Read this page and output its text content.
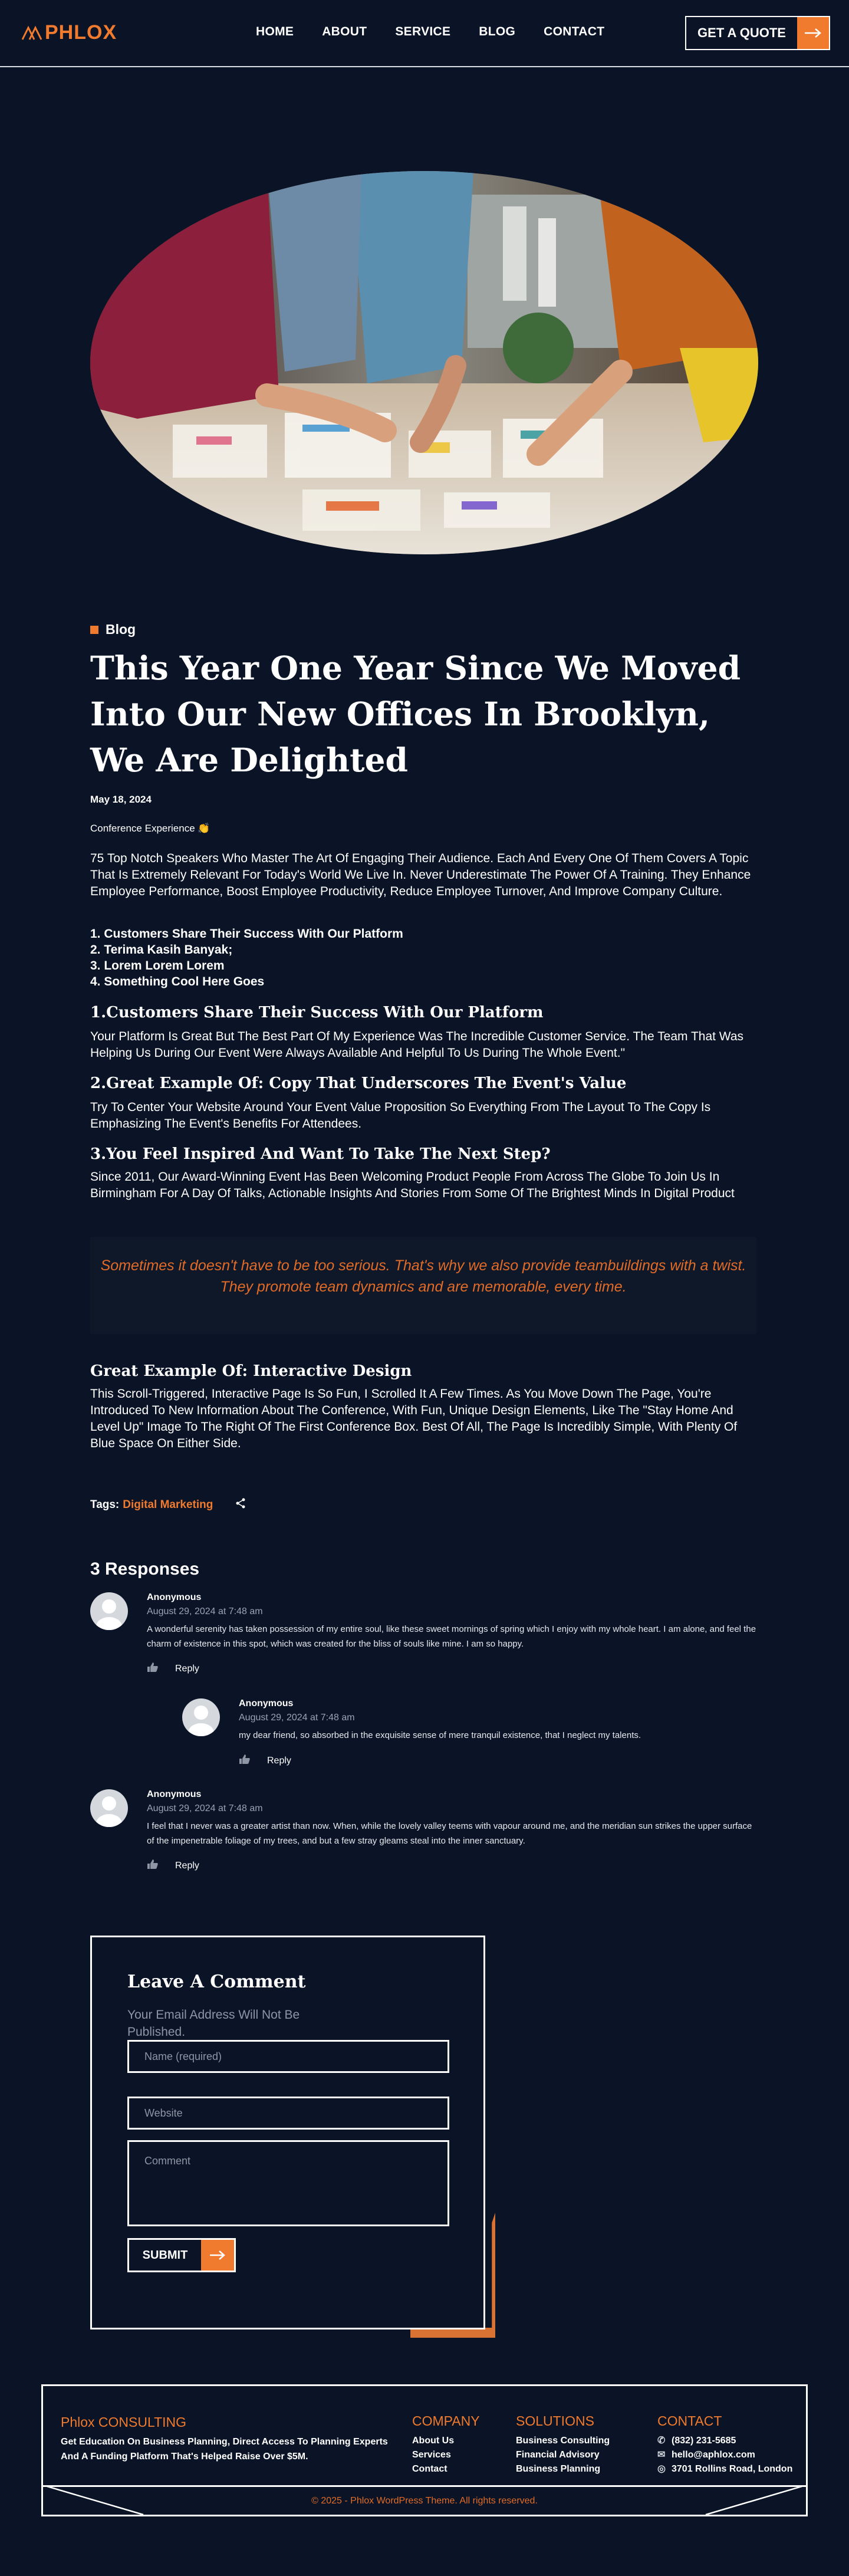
PHLOX	HOME ABOUT SERVICE BLOG CONTACT	GET A QUOTE
Blog
This Year One Year Since We Moved Into Our New Offices In Brooklyn, We Are Delighted
May 18, 2024
Conference Experience 👏

75 Top Notch Speakers Who Master The Art Of Engaging Their Audience. Each And Every One Of Them Covers A Topic That Is Extremely Relevant For Today's World We Live In. Never Underestimate The Power Of A Training. They Enhance Employee Performance, Boost Employee Productivity, Reduce Employee Turnover, And Improve Company Culture.

1. Customers Share Their Success With Our Platform
2. Terima Kasih Banyak;
3. Lorem Lorem Lorem
4. Something Cool Here Goes
1.Customers Share Their Success With Our Platform

Your Platform Is Great But The Best Part Of My Experience Was The Incredible Customer Service. The Team That Was Helping Us During Our Event Were Always Available And Helpful To Us During The Whole Event."

2.Great Example Of: Copy That Underscores The Event's Value

Try To Center Your Website Around Your Event Value Proposition So Everything From The Layout To The Copy Is Emphasizing The Event's Benefits For Attendees.

3.You Feel Inspired And Want To Take The Next Step?

Since 2011, Our Award-Winning Event Has Been Welcoming Product People From Across The Globe To Join Us In Birmingham For A Day Of Talks, Actionable Insights And Stories From Some Of The Brightest Minds In Digital Product

Sometimes it doesn't have to be too serious. That's why we also provide teambuildings with a twist. They promote team dynamics and are memorable, every time.

Great Example Of: Interactive Design

This Scroll-Triggered, Interactive Page Is So Fun, I Scrolled It A Few Times. As You Move Down The Page, You're Introduced To New Information About The Conference, With Fun, Unique Design Elements, Like The "Stay Home And Level Up" Image To The Right Of The First Conference Box. Best Of All, The Page Is Incredibly Simple, With Plenty Of Blue Space On Either Side.

Tags: Digital Marketing
3 Responses
Anonymous
August 29, 2024 at 7:48 am
A wonderful serenity has taken possession of my entire soul, like these sweet mornings of spring which I enjoy with my whole heart. I am alone, and feel the charm of existence in this spot, which was created for the bliss of souls like mine. I am so happy.
Reply
Anonymous
August 29, 2024 at 7:48 am
my dear friend, so absorbed in the exquisite sense of mere tranquil existence, that I neglect my talents.
Reply
Anonymous
August 29, 2024 at 7:48 am
I feel that I never was a greater artist than now. When, while the lovely valley teems with vapour around me, and the meridian sun strikes the upper surface of the impenetrable foliage of my trees, and but a few stray gleams steal into the inner sanctuary.
Reply
Leave A Comment

Your Email Address Will Not Be Published.

Name (required)
Website
Comment
SUBMIT
Phlox CONSULTING
Get Education On Business Planning, Direct Access To Planning Experts And A Funding Platform That's Helped Raise Over $5M.
COMPANY
About Us
Services
Contact
SOLUTIONS
Business Consulting
Financial Advisory
Business Planning
CONTACT
✆ (832) 231-5685
✉ hello@aphlox.com
◎ 3701 Rollins Road, London
© 2025 - Phlox WordPress Theme. All rights reserved.
